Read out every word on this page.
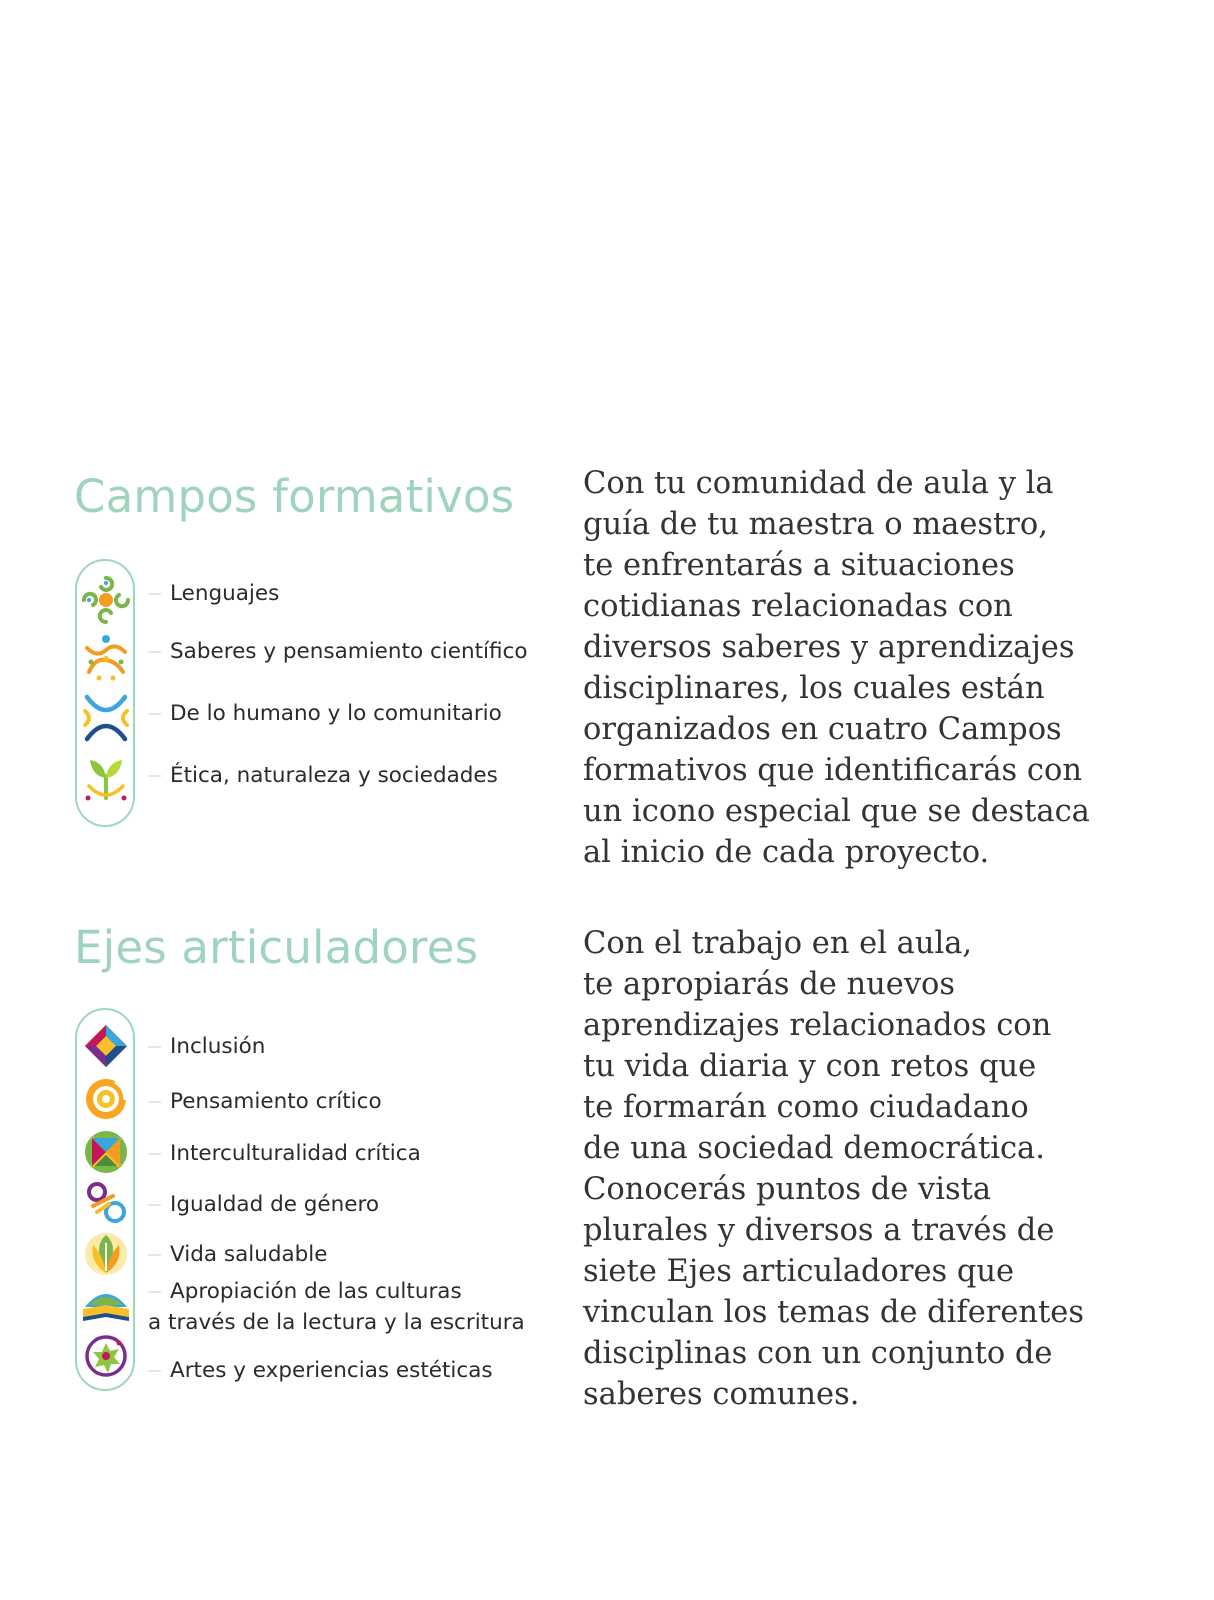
Campos formativos
Lenguajes
Saberes y pensamiento científico
De lo humano y lo comunitario
Ética, naturaleza y sociedades

Con tu comunidad de aula y la
guía de tu maestra o maestro,
te enfrentarás a situaciones
cotidianas relacionadas con
diversos saberes y aprendizajes
disciplinares, los cuales están
organizados en cuatro Campos
formativos que identificarás con
un icono especial que se destaca
al inicio de cada proyecto.

Ejes articuladores
Inclusión
Pensamiento crítico
Interculturalidad crítica
Igualdad de género
Vida saludable
Apropiación de las culturas
a través de la lectura y la escritura
Artes y experiencias estéticas

Con el trabajo en el aula,
te apropiarás de nuevos
aprendizajes relacionados con
tu vida diaria y con retos que
te formarán como ciudadano
de una sociedad democrática.
Conocerás puntos de vista
plurales y diversos a través de
siete Ejes articuladores que
vinculan los temas de diferentes
disciplinas con un conjunto de
saberes comunes.
